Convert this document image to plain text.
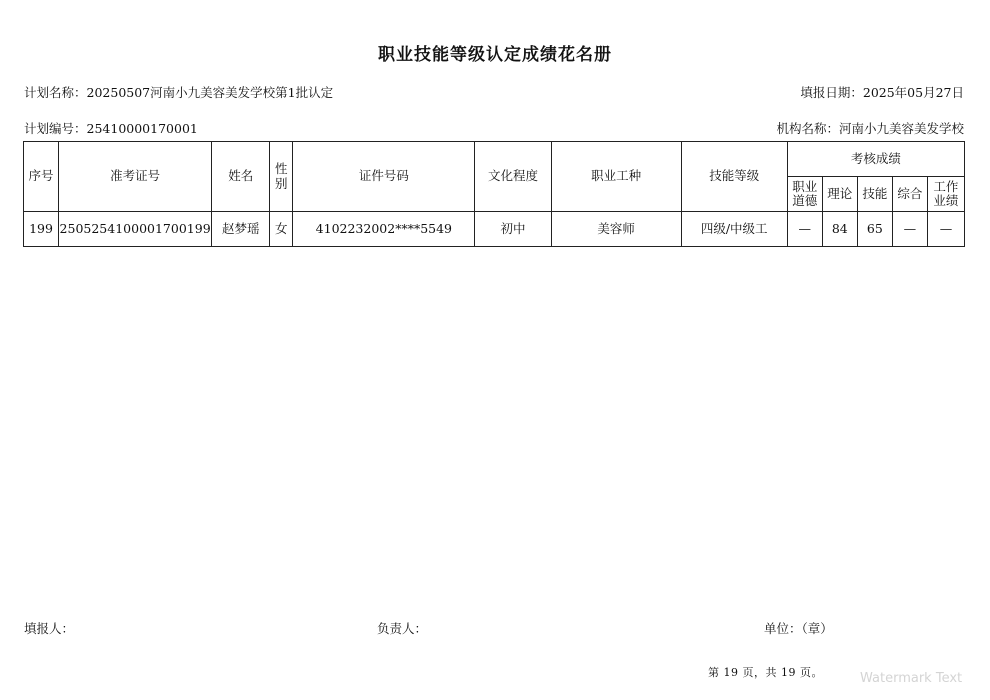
职业技能等级认定成绩花名册
计划名称：20250507河南小九美容美发学校第1批认定	填报日期：2025年05月27日
计划编号：25410000170001	机构名称：河南小九美容美发学校
序号	准考证号	姓名	性别	证件号码	文化程度	职业工种	技能等级	考核成绩				
								职业道德	理论	技能	综合	工作业绩
199	2505254100001700199	赵梦瑶	女	4102232002****5549	初中	美容师	四级/中级工	—	84	65	—	—
填报人：	负责人：	单位：（章）
第 19 页，共 19 页。	Watermark Text
